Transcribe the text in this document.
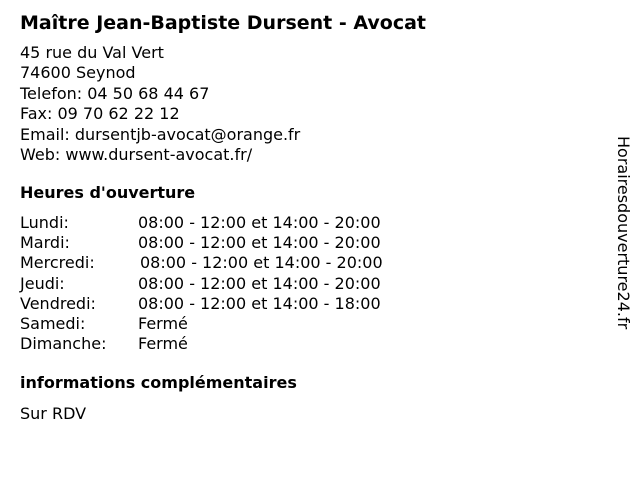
Maître Jean-Baptiste Dursent - Avocat
45 rue du Val Vert
74600 Seynod
Telefon: 04 50 68 44 67
Fax: 09 70 62 22 12
Email: dursentjb-avocat@orange.fr
Web: www.dursent-avocat.fr/
Heures d'ouverture
Lundi:	08:00 - 12:00 et 14:00 - 20:00
Mardi:	08:00 - 12:00 et 14:00 - 20:00
Mercredi:	08:00 - 12:00 et 14:00 - 20:00
Jeudi:	08:00 - 12:00 et 14:00 - 20:00
Vendredi:	08:00 - 12:00 et 14:00 - 18:00
Samedi:	Fermé
Dimanche: Fermé
informations complémentaires
Sur RDV
Horairesdouverture24.fr
